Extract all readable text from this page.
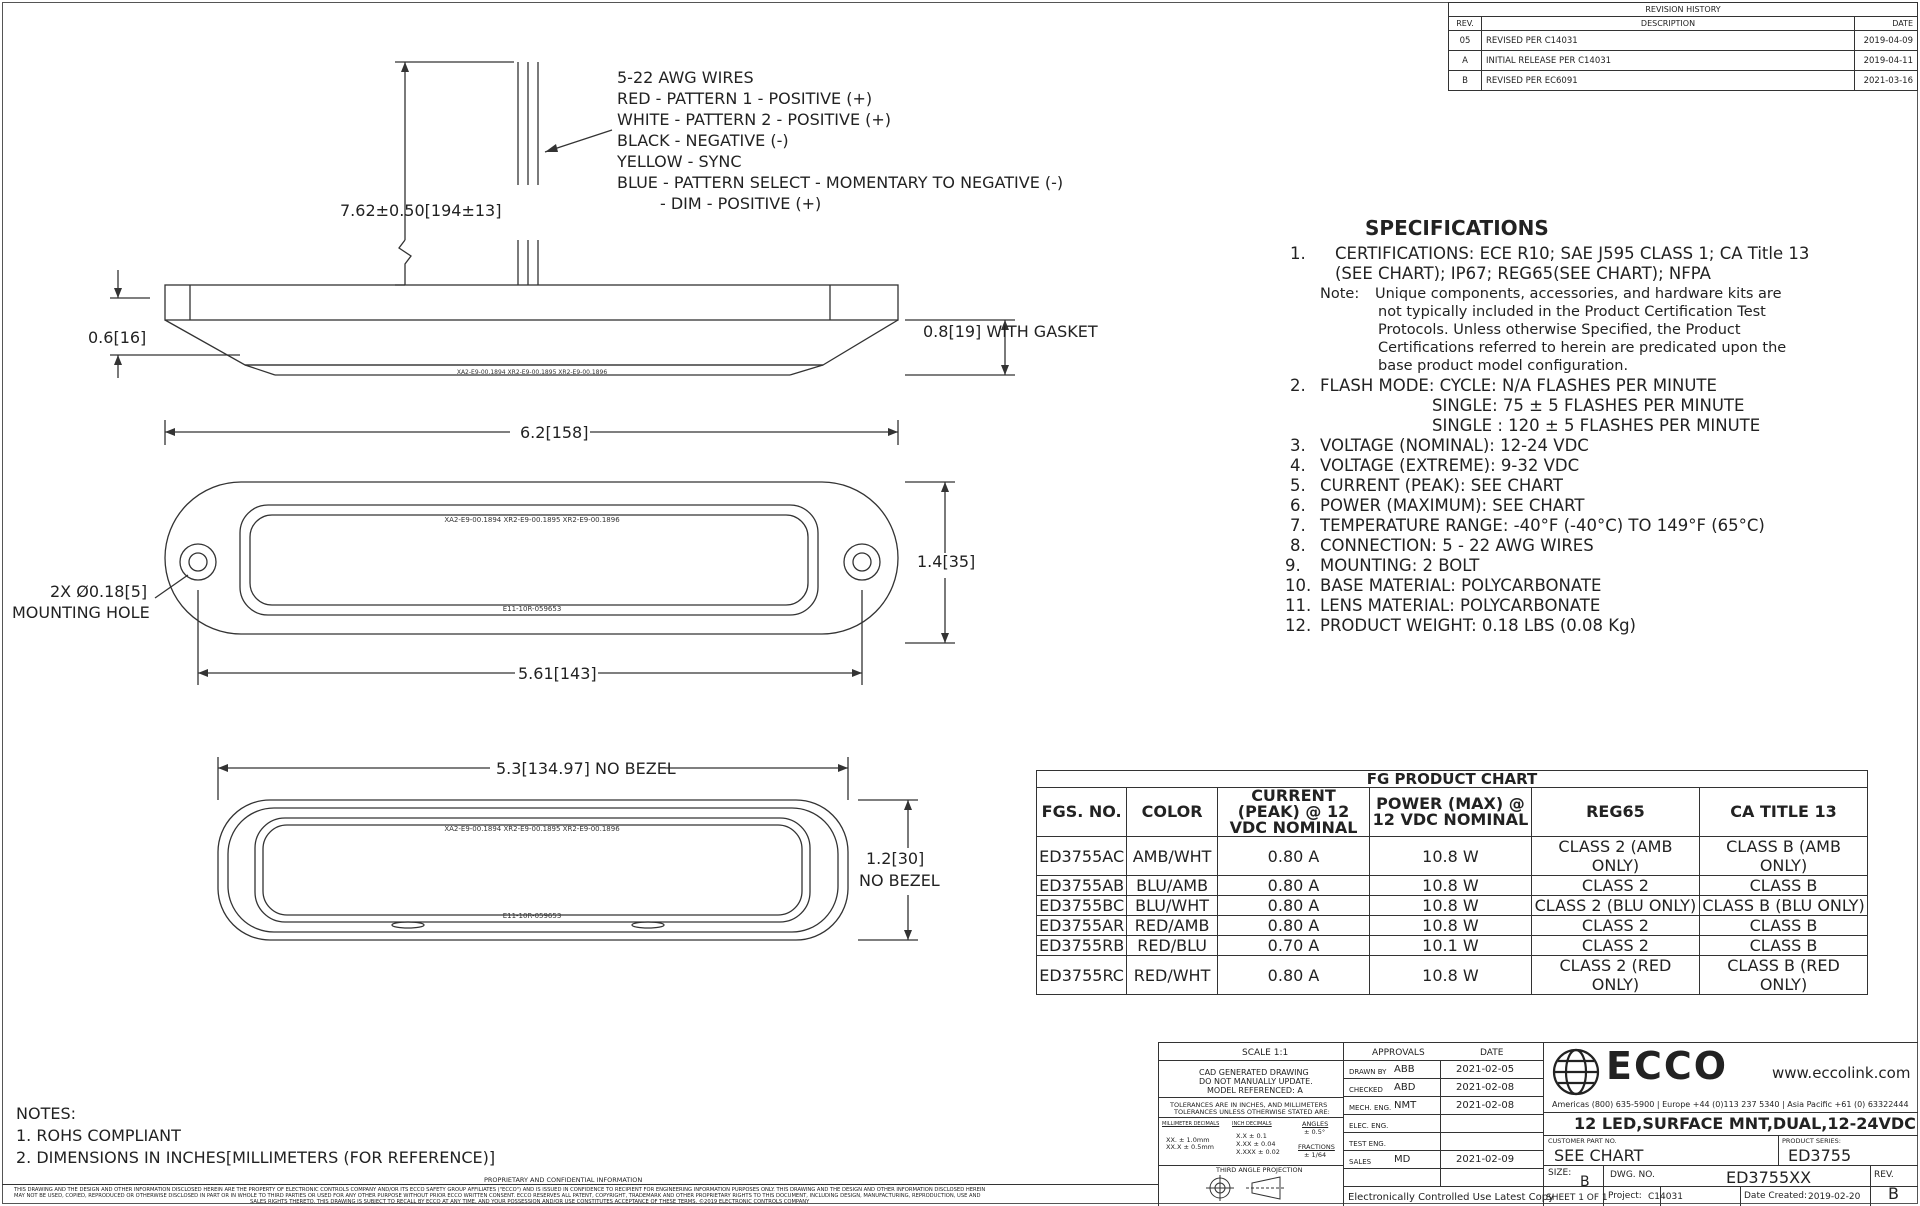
XA2-E9-00.1894 XR2-E9-00.1895 XR2-E9-00.1896
XA2-E9-00.1894 XR2-E9-00.1895 XR2-E9-00.1896
E11-10R-059653
XA2-E9-00.1894 XR2-E9-00.1895 XR2-E9-00.1896
E11-10R-059653
5-22 AWG WIRES
RED - PATTERN 1 - POSITIVE (+)
WHITE - PATTERN 2 - POSITIVE (+)
BLACK - NEGATIVE (-)
YELLOW - SYNC
BLUE - PATTERN SELECT - MOMENTARY TO NEGATIVE (-)
- DIM - POSITIVE (+)
7.62±0.50[194±13]
0.6[16]	0.8[19] WITH GASKET
6.2[158]
1.4[35]
5.61[143]
2X Ø0.18[5]
MOUNTING HOLE
5.3[134.97] NO BEZEL
1.2[30]
NO BEZEL
REVISION HISTORY		
REV.	DESCRIPTION	DATE
05	REVISED PER C14031	2019-04-09
A	INITIAL RELEASE PER C14031	2019-04-11
B	REVISED PER EC6091	2021-03-16
SPECIFICATIONS
1. CERTIFICATIONS: ECE R10; SAE J595 CLASS 1; CA Title 13
(SEE CHART); IP67; REG65(SEE CHART); NFPA
Note: Unique components, accessories, and hardware kits are
not typically included in the Product Certification Test
Protocols. Unless otherwise Specified, the Product
Certifications referred to herein are predicated upon the
base product model configuration.
2. FLASH MODE: CYCLE: N/A FLASHES PER MINUTE
SINGLE: 75 ± 5 FLASHES PER MINUTE
SINGLE : 120 ± 5 FLASHES PER MINUTE
3. VOLTAGE (NOMINAL): 12-24 VDC
4. VOLTAGE (EXTREME): 9-32 VDC
5. CURRENT (PEAK): SEE CHART
6. POWER (MAXIMUM): SEE CHART
7. TEMPERATURE RANGE: -40°F (-40°C) TO 149°F (65°C)
8. CONNECTION: 5 - 22 AWG WIRES
9. MOUNTING: 2 BOLT
10. BASE MATERIAL: POLYCARBONATE
11. LENS MATERIAL: POLYCARBONATE
12. PRODUCT WEIGHT: 0.18 LBS (0.08 Kg)
FG PRODUCT CHART					
FGS. NO.	COLOR	CURRENT (PEAK) @ 12 VDC NOMINAL	POWER (MAX) @ 12 VDC NOMINAL	REG65	CA TITLE 13
ED3755AC	AMB/WHT	0.80 A	10.8 W	CLASS 2 (AMB ONLY)	CLASS B (AMB ONLY)
ED3755AB	BLU/AMB	0.80 A	10.8 W	CLASS 2	CLASS B
ED3755BC	BLU/WHT	0.80 A	10.8 W	CLASS 2 (BLU ONLY)	CLASS B (BLU ONLY)
ED3755AR	RED/AMB	0.80 A	10.8 W	CLASS 2	CLASS B
ED3755RB	RED/BLU	0.70 A	10.1 W	CLASS 2	CLASS B
ED3755RC	RED/WHT	0.80 A	10.8 W	CLASS 2 (RED ONLY)	CLASS B (RED ONLY)
NOTES:
1. ROHS COMPLIANT
2. DIMENSIONS IN INCHES[MILLIMETERS (FOR REFERENCE)]
SCALE 1:1
CAD GENERATED DRAWING
DO NOT MANUALLY UPDATE.
MODEL REFERENCED: A
TOLERANCES ARE IN INCHES, AND MILLIMETERS
TOLERANCES UNLESS OTHERWISE STATED ARE:
MILLIMETER DECIMALS	INCH DECIMALS	ANGLES
± 0.5°
XX. ± 1.0mm
XX.X ± 0.5mm
X.X ± 0.1
X.XX ± 0.04
X.XXX ± 0.02
FRACTIONS
± 1/64
THIRD ANGLE PROJECTION
APPROVALS	DATE
DRAWN BY ABB	2021-02-05
CHECKED ABD	2021-02-08
MECH. ENG. NMT	2021-02-08
ELEC. ENG.
TEST ENG.
SALES MD	2021-02-09
Electronically Controlled Use Latest Copy
ECCO	www.eccolink.com
Americas (800) 635-5900 | Europe +44 (0)113 237 5340 | Asia Pacific +61 (0) 63322444
12 LED,SURFACE MNT,DUAL,12-24VDC
CUSTOMER PART NO.
SEE CHART
PRODUCT SERIES:
ED3755
SIZE:
B DWG. NO.	ED3755XX	REV.
B
SHEET 1 OF 1 Project: C14031	Date Created: 2019-02-20
PROPRIETARY AND CONFIDENTIAL INFORMATION
THIS DRAWING AND THE DESIGN AND OTHER INFORMATION DISCLOSED HEREIN ARE THE PROPERTY OF ELECTRONIC CONTROLS COMPANY AND/OR ITS ECCO SAFETY GROUP AFFILIATES ("ECCO") AND IS ISSUED IN CONFIDENCE TO RECIPIENT FOR ENGINEERING INFORMATION PURPOSES ONLY. THIS DRAWING AND THE DESIGN AND OTHER INFORMATION DISCLOSED HEREIN
MAY NOT BE USED, COPIED, REPRODUCED OR OTHERWISE DISCLOSED IN PART OR IN WHOLE TO THIRD PARTIES OR USED FOR ANY OTHER PURPOSE WITHOUT PRIOR ECCO WRITTEN CONSENT. ECCO RESERVES ALL PATENT, COPYRIGHT, TRADEMARK AND OTHER PROPRIETARY RIGHTS TO THIS DOCUMENT, INCLUDING DESIGN, MANUFACTURING, REPRODUCTION, USE AND
SALES RIGHTS THERETO. THIS DRAWING IS SUBJECT TO RECALL BY ECCO AT ANY TIME, AND YOUR POSSESSION AND/OR USE CONSTITUTES ACCEPTANCE OF THESE TERMS. ©2019 ELECTRONIC CONTROLS COMPANY
